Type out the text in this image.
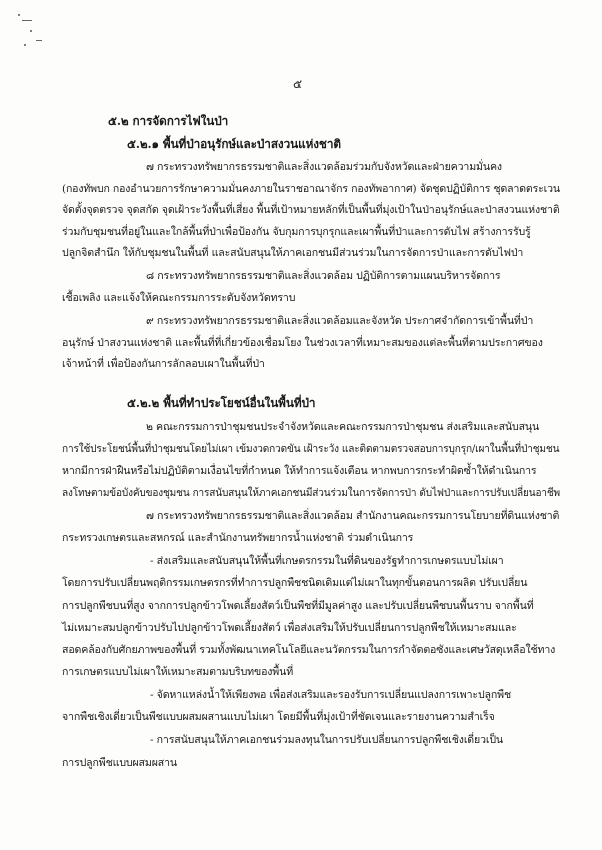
๕
๕.๒ การจัดการไฟในป่า
๕.๒.๑ พื้นที่ป่าอนุรักษ์และป่าสงวนแห่งชาติ
๗ กระทรวงทรัพยากรธรรมชาติและสิ่งแวดล้อมร่วมกับจังหวัดและฝ่ายความมั่นคง
(กองทัพบก กองอำนวยการรักษาความมั่นคงภายในราชอาณาจักร กองทัพอากาศ) จัดชุดปฏิบัติการ ชุดลาดตระเวน
จัดตั้งจุดตรวจ จุดสกัด จุดเฝ้าระวังพื้นที่เสี่ยง พื้นที่เป้าหมายหลักที่เป็นพื้นที่มุ่งเป้าในป่าอนุรักษ์และป่าสงวนแห่งชาติ
ร่วมกับชุมชนที่อยู่ในและใกล้พื้นที่ป่าเพื่อป้องกัน จับกุมการบุกรุกและเผาพื้นที่ป่าและการดับไฟ สร้างการรับรู้
ปลูกจิตสำนึก ให้กับชุมชนในพื้นที่ และสนับสนุนให้ภาคเอกชนมีส่วนร่วมในการจัดการป่าและการดับไฟป่า
๘ กระทรวงทรัพยากรธรรมชาติและสิ่งแวดล้อม ปฏิบัติการตามแผนบริหารจัดการ
เชื้อเพลิง และแจ้งให้คณะกรรมการระดับจังหวัดทราบ
๙ กระทรวงทรัพยากรธรรมชาติและสิ่งแวดล้อมและจังหวัด ประกาศจำกัดการเข้าพื้นที่ป่า
อนุรักษ์ ป่าสงวนแห่งชาติ และพื้นที่ที่เกี่ยวข้องเชื่อมโยง ในช่วงเวลาที่เหมาะสมของแต่ละพื้นที่ตามประกาศของ
เจ้าหน้าที่ เพื่อป้องกันการลักลอบเผาในพื้นที่ป่า
๕.๒.๒ พื้นที่ทำประโยชน์อื่นในพื้นที่ป่า
๒ คณะกรรมการป่าชุมชนประจำจังหวัดและคณะกรรมการป่าชุมชน ส่งเสริมและสนับสนุน
การใช้ประโยชน์พื้นที่ป่าชุมชนโดยไม่เผา เข้มงวดกวดขัน เฝ้าระวัง และติดตามตรวจสอบการบุกรุก/เผาในพื้นที่ป่าชุมชน
หากมีการฝ่าฝืนหรือไม่ปฏิบัติตามเงื่อนไขที่กำหนด ให้ทำการแจ้งเตือน หากพบการกระทำผิดซ้ำให้ดำเนินการ
ลงโทษตามข้อบังคับของชุมชน การสนับสนุนให้ภาคเอกชนมีส่วนร่วมในการจัดการป่า ดับไฟป่าและการปรับเปลี่ยนอาชีพ
๗ กระทรวงทรัพยากรธรรมชาติและสิ่งแวดล้อม สำนักงานคณะกรรมการนโยบายที่ดินแห่งชาติ
กระทรวงเกษตรและสหกรณ์ และสำนักงานทรัพยากรน้ำแห่งชาติ ร่วมดำเนินการ
- ส่งเสริมและสนับสนุนให้พื้นที่เกษตรกรรมในที่ดินของรัฐทำการเกษตรแบบไม่เผา
โดยการปรับเปลี่ยนพฤติกรรมเกษตรกรที่ทำการปลูกพืชชนิดเดิมแต่ไม่เผาในทุกขั้นตอนการผลิต ปรับเปลี่ยน
การปลูกพืชบนที่สูง จากการปลูกข้าวโพดเลี้ยงสัตว์เป็นพืชที่มีมูลค่าสูง และปรับเปลี่ยนพืชบนพื้นราบ จากพื้นที่
ไม่เหมาะสมปลูกข้าวปรับไปปลูกข้าวโพดเลี้ยงสัตว์ เพื่อส่งเสริมให้ปรับเปลี่ยนการปลูกพืชให้เหมาะสมและ
สอดคล้องกับศักยภาพของพื้นที่ รวมทั้งพัฒนาเทคโนโลยีและนวัตกรรมในการกำจัดตอซังและเศษวัสดุเหลือใช้ทาง
การเกษตรแบบไม่เผาให้เหมาะสมตามบริบทของพื้นที่
- จัดหาแหล่งน้ำให้เพียงพอ เพื่อส่งเสริมและรองรับการเปลี่ยนแปลงการเพาะปลูกพืช
จากพืชเชิงเดี่ยวเป็นพืชแบบผสมผสานแบบไม่เผา โดยมีพื้นที่มุ่งเป้าที่ชัดเจนและรายงานความสำเร็จ
- การสนับสนุนให้ภาคเอกชนร่วมลงทุนในการปรับเปลี่ยนการปลูกพืชเชิงเดี่ยวเป็น
การปลูกพืชแบบผสมผสาน
